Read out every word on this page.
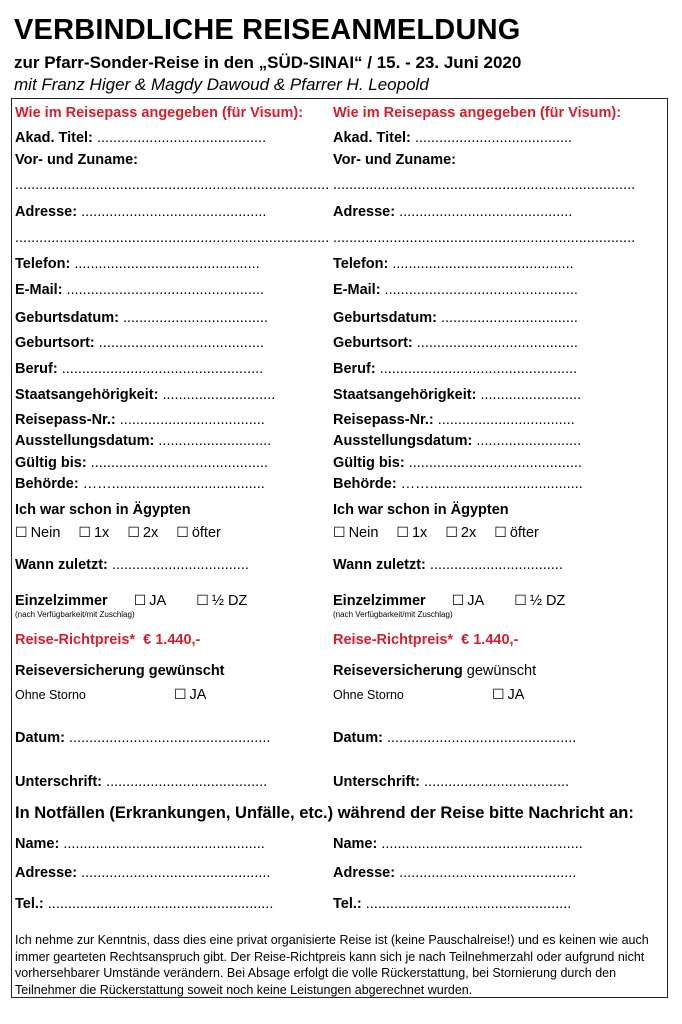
VERBINDLICHE REISEANMELDUNG
zur Pfarr-Sonder-Reise in den „SÜD-SINAI“ / 15. - 23. Juni 2020
mit Franz Higer & Magdy Dawoud & Pfarrer H. Leopold
Wie im Reisepass angegeben (für Visum):
Akad. Titel: ..........................................
Vor- und Zuname:
..............................................................................
Adresse: ..............................................
..............................................................................
Telefon: ..............................................
E-Mail: .................................................
Geburtsdatum: ....................................
Geburtsort: .........................................
Beruf: ..................................................
Staatsangehörigkeit: ............................
Reisepass-Nr.: ....................................
Ausstellungsdatum: ............................
Gültig bis: ............................................
Behörde: ……......................................
Ich war schon in Ägypten
☐ Nein ☐ 1x ☐ 2x ☐ öfter
Wann zuletzt: ..................................
Einzelzimmer ☐ JA ☐ ½ DZ
(nach Verfügbarkeit/mit Zuschlag)
Reise-Richtpreis* € 1.440,-
Reiseversicherung gewünscht
Ohne Storno	☐ JA
Datum: ..................................................
Unterschrift: ........................................
Name: ..................................................
Adresse: ...............................................
Tel.: ........................................................
Wie im Reisepass angegeben (für Visum):
Akad. Titel: .......................................
Vor- und Zuname:
...........................................................................
Adresse: ...........................................
...........................................................................
Telefon: .............................................
E-Mail: ................................................
Geburtsdatum: ..................................
Geburtsort: ........................................
Beruf: .................................................
Staatsangehörigkeit: .........................
Reisepass-Nr.: ..................................
Ausstellungsdatum: ..........................
Gültig bis: ...........................................
Behörde: ……......................................
Ich war schon in Ägypten
☐ Nein ☐ 1x ☐ 2x ☐ öfter
Wann zuletzt: .................................
Einzelzimmer ☐ JA ☐ ½ DZ
(nach Verfügbarkeit/mit Zuschlag)
Reise-Richtpreis* € 1.440,-
Reiseversicherung gewünscht
Ohne Storno	☐ JA
Datum: ...............................................
Unterschrift: ....................................
Name: ..................................................
Adresse: ............................................
Tel.: ...................................................
In Notfällen (Erkrankungen, Unfälle, etc.) während der Reise bitte Nachricht an:
Ich nehme zur Kenntnis, dass dies eine privat organisierte Reise ist (keine Pauschalreise!) und es keinen wie auch immer gearteten Rechtsanspruch gibt. Der Reise-Richtpreis kann sich je nach Teilnehmerzahl oder aufgrund nicht vorhersehbarer Umstände verändern. Bei Absage erfolgt die volle Rückerstattung, bei Stornierung durch den Teilnehmer die Rückerstattung soweit noch keine Leistungen abgerechnet wurden.
